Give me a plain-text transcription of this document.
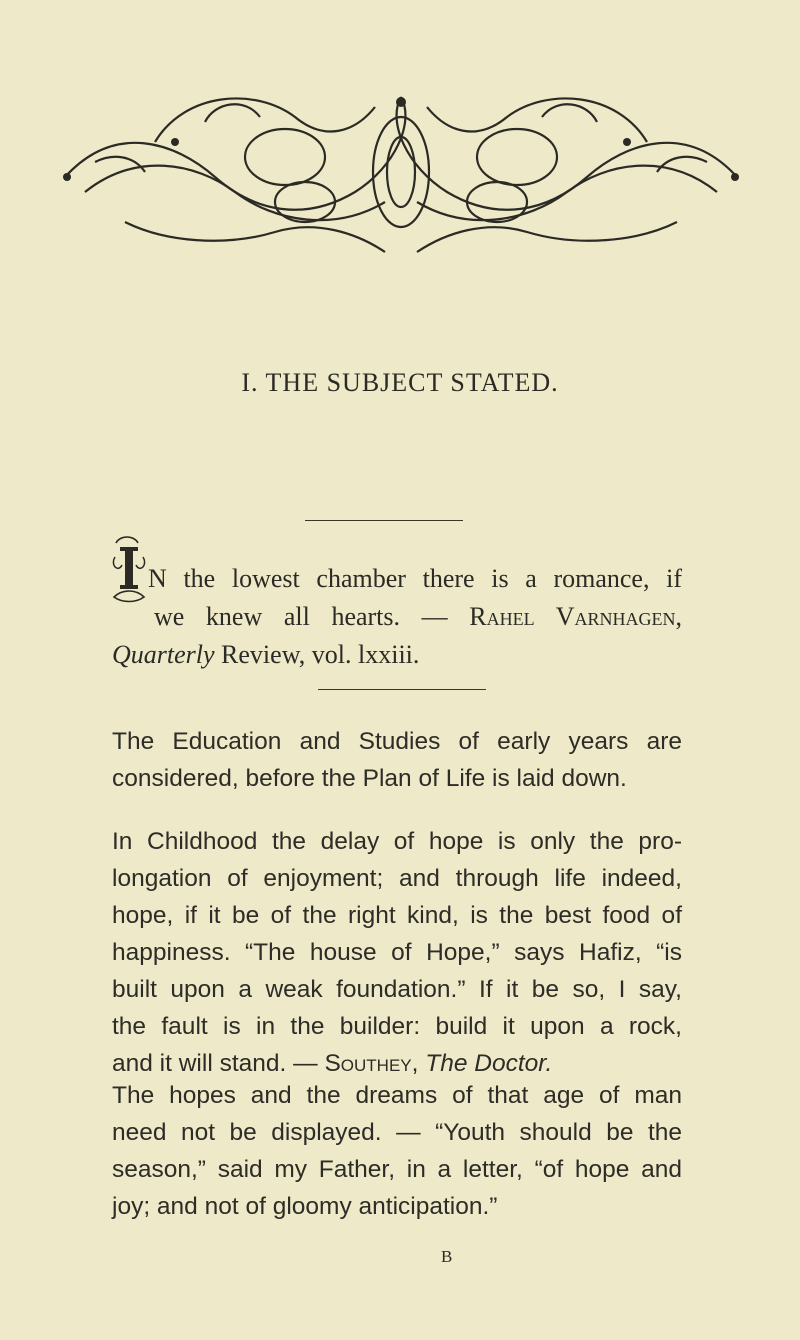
I. THE SUBJECT STATED.
N the lowest chamber there is a romance, if
we knew all hearts. — Rahel Varnhagen,
Quarterly Review, vol. lxxiii.
The Education and Studies of early years are
considered, before the Plan of Life is laid down.
In Childhood the delay of hope is only the pro-
longation of enjoyment; and through life indeed,
hope, if it be of the right kind, is the best food of
happiness. “The house of Hope,” says Hafiz, “is
built upon a weak foundation.” If it be so, I say,
the fault is in the builder: build it upon a rock,
and it will stand. — Southey, The Doctor.
The hopes and the dreams of that age of man
need not be displayed. — “Youth should be the
season,” said my Father, in a letter, “of hope and
joy; and not of gloomy anticipation.”
B
